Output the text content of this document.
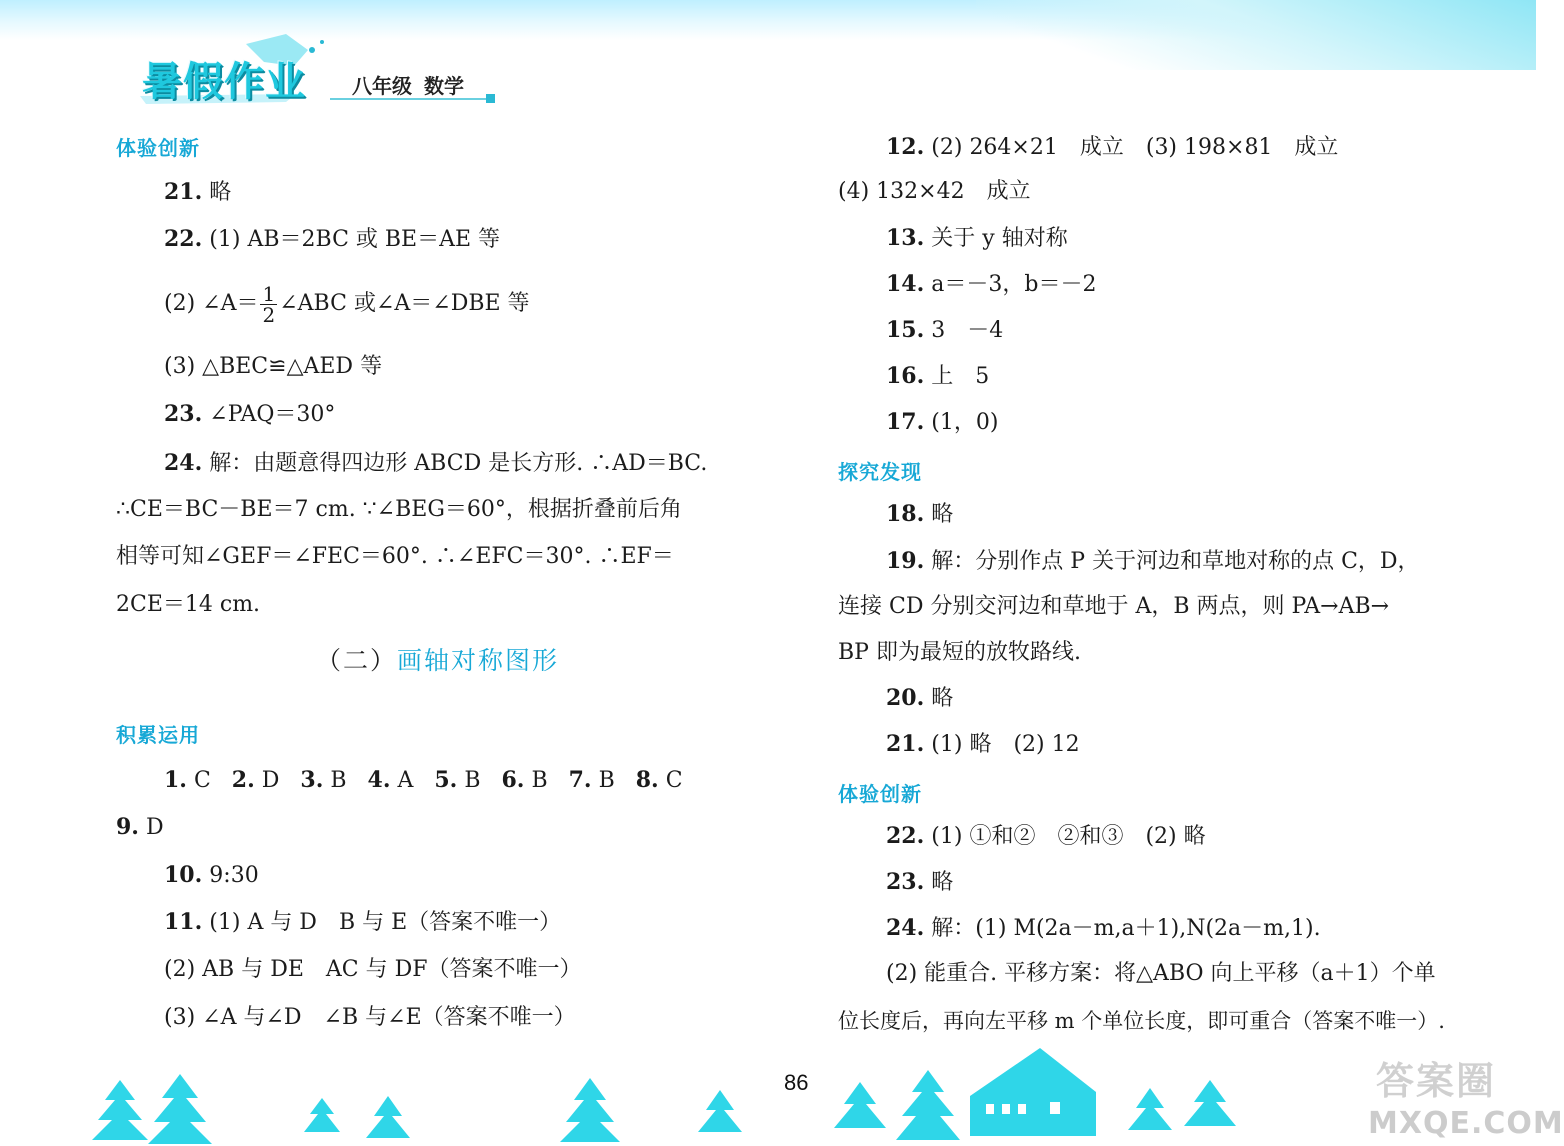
暑假作业 八年级 数学
体验创新
21. 略
22. (1) AB＝2BC 或 BE＝AE 等
(2) ∠A＝ $\frac{1}{2}$ ∠ABC 或∠A＝∠DBE 等
(3) △BEC≌△AED 等
23. ∠PAQ＝30°
24. 解：由题意得四边形 ABCD 是长方形. ∴AD＝BC.
∴CE＝BC－BE＝7 cm. ∵∠BEG＝60°，根据折叠前后角
相等可知∠GEF＝∠FEC＝60°. ∴∠EFC＝30°. ∴EF＝
2CE＝14 cm.
（二）画轴对称图形
积累运用
1. C 2. D 3. B 4. A 5. B 6. B 7. B 8. C
9. D
10. 9:30
11. (1) A 与 D　B 与 E（答案不唯一）
(2) AB 与 DE　AC 与 DF（答案不唯一）
(3) ∠A 与∠D　∠B 与∠E（答案不唯一）
12. (2) 264×21　成立　(3) 198×81　成立
(4) 132×42　成立
13. 关于 y 轴对称
14. a＝－3，b＝－2
15. 3　－4
16. 上　5
17. (1，0)
探究发现
18. 略
19. 解：分别作点 P 关于河边和草地对称的点 C，D，
连接 CD 分别交河边和草地于 A，B 两点，则 PA→AB→
BP 即为最短的放牧路线.
20. 略
21. (1) 略　(2) 12
体验创新
22. (1) ①和②　②和③　(2) 略
23. 略
24. 解：(1) M(2a－m,a＋1),N(2a－m,1).
(2) 能重合. 平移方案：将△ABO 向上平移（a＋1）个单
位长度后，再向左平移 m 个单位长度，即可重合（答案不唯一）.
86	答案圈
MXQE.COM
